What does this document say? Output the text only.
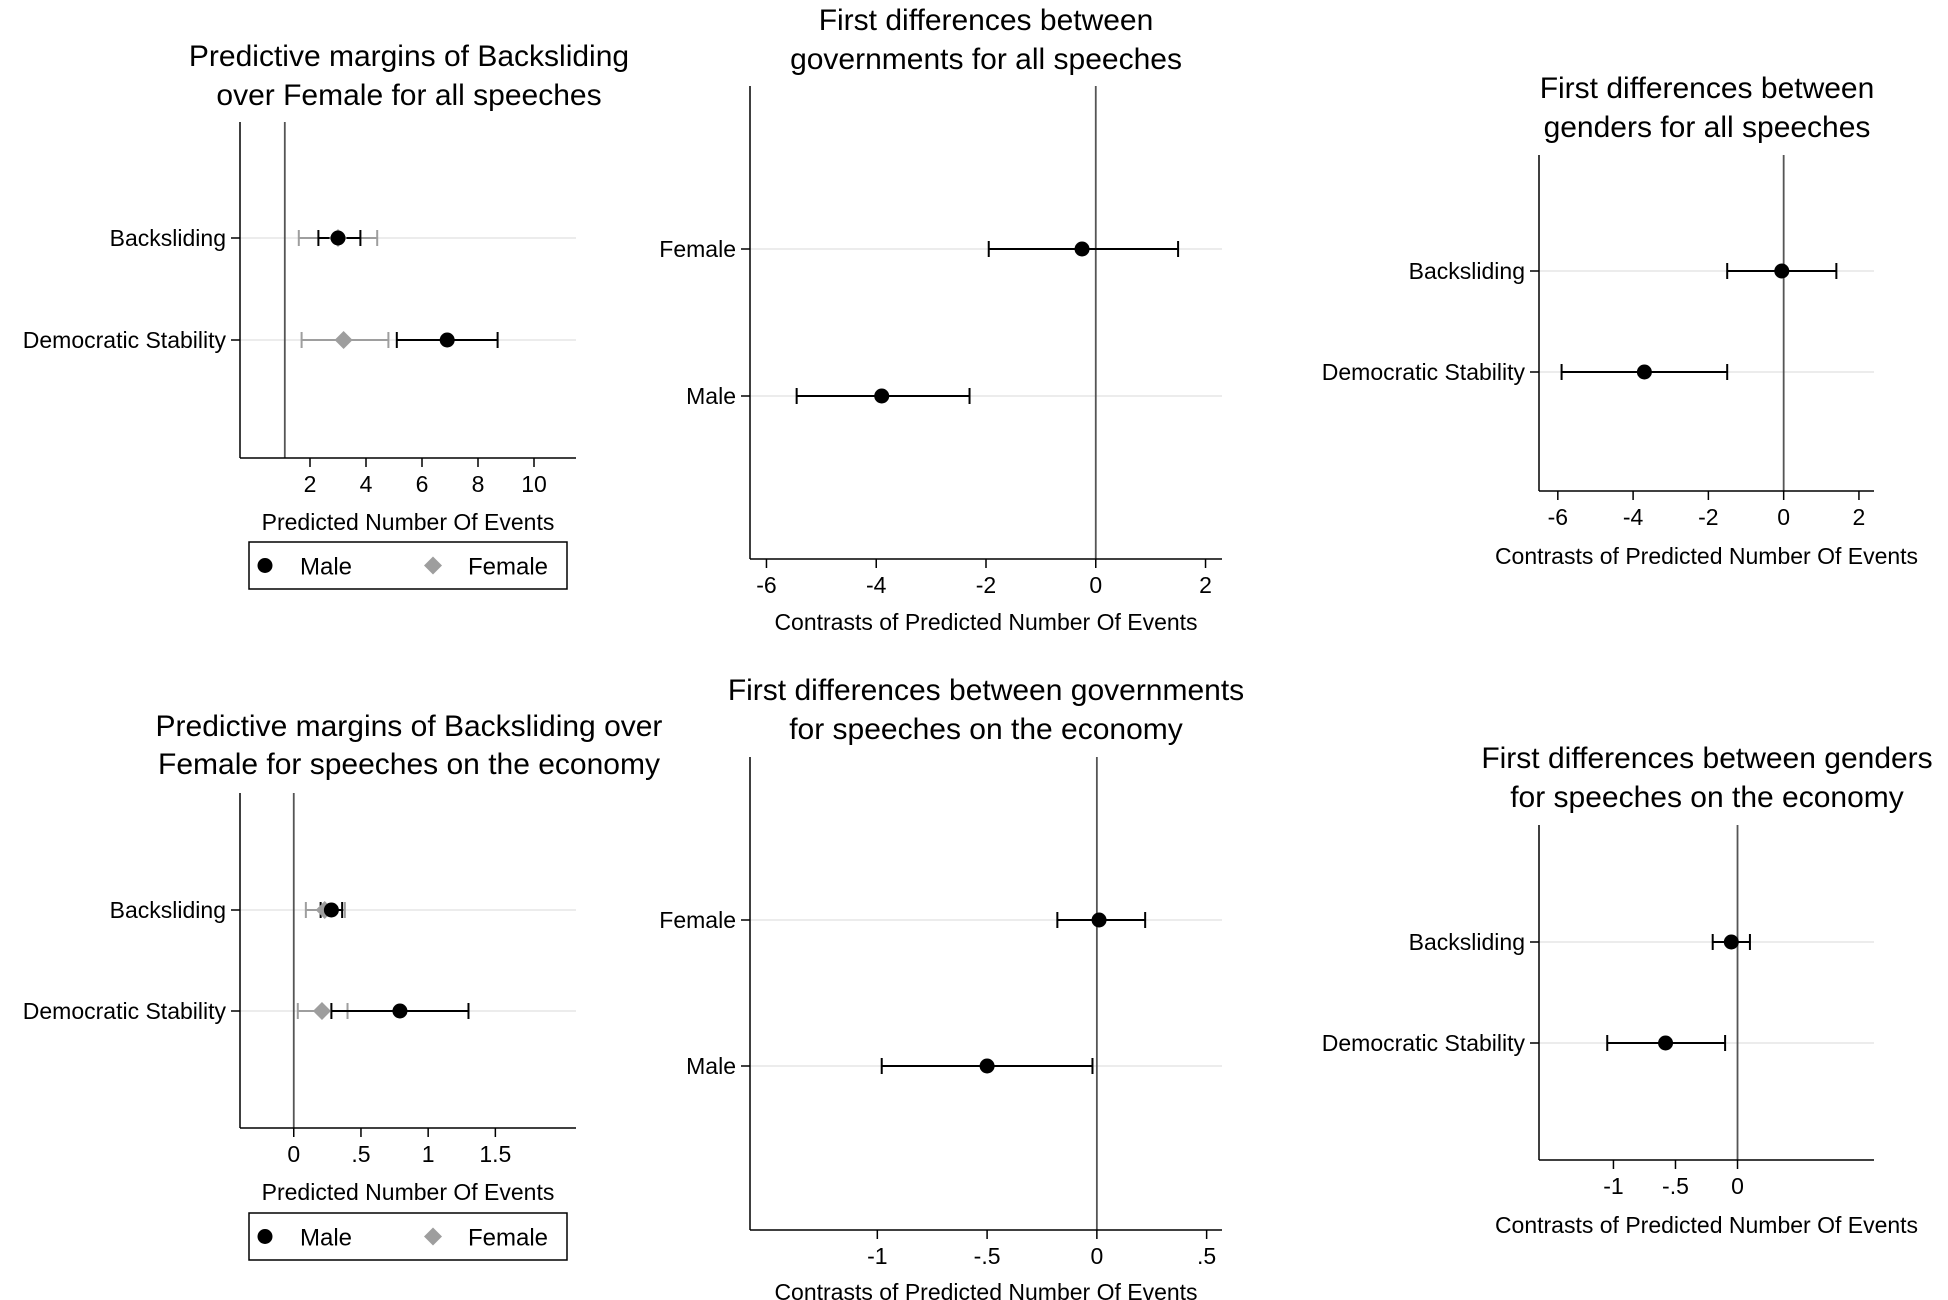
Predictive margins of Backsliding
over Female for all speeches
Backsliding
Democratic Stability
2 4 6 8 10
Predicted Number Of Events
Male	Female
First differences between
governments for all speeches
Female
Male
-6	-4	-2	0	2
Contrasts of Predicted Number Of Events
First differences between
genders for all speeches
Backsliding
Democratic Stability
-6 -4 -2	0	2
Contrasts of Predicted Number Of Events
Predictive margins of Backsliding over
Female for speeches on the economy
Backsliding
Democratic Stability
0 .5 1 1.5
Predicted Number Of Events
Male	Female
First differences between governments
for speeches on the economy
Female
Male
-1	-.5	0	.5
Contrasts of Predicted Number Of Events
First differences between genders
for speeches on the economy
Backsliding
Democratic Stability
-1 -.5 0
Contrasts of Predicted Number Of Events
